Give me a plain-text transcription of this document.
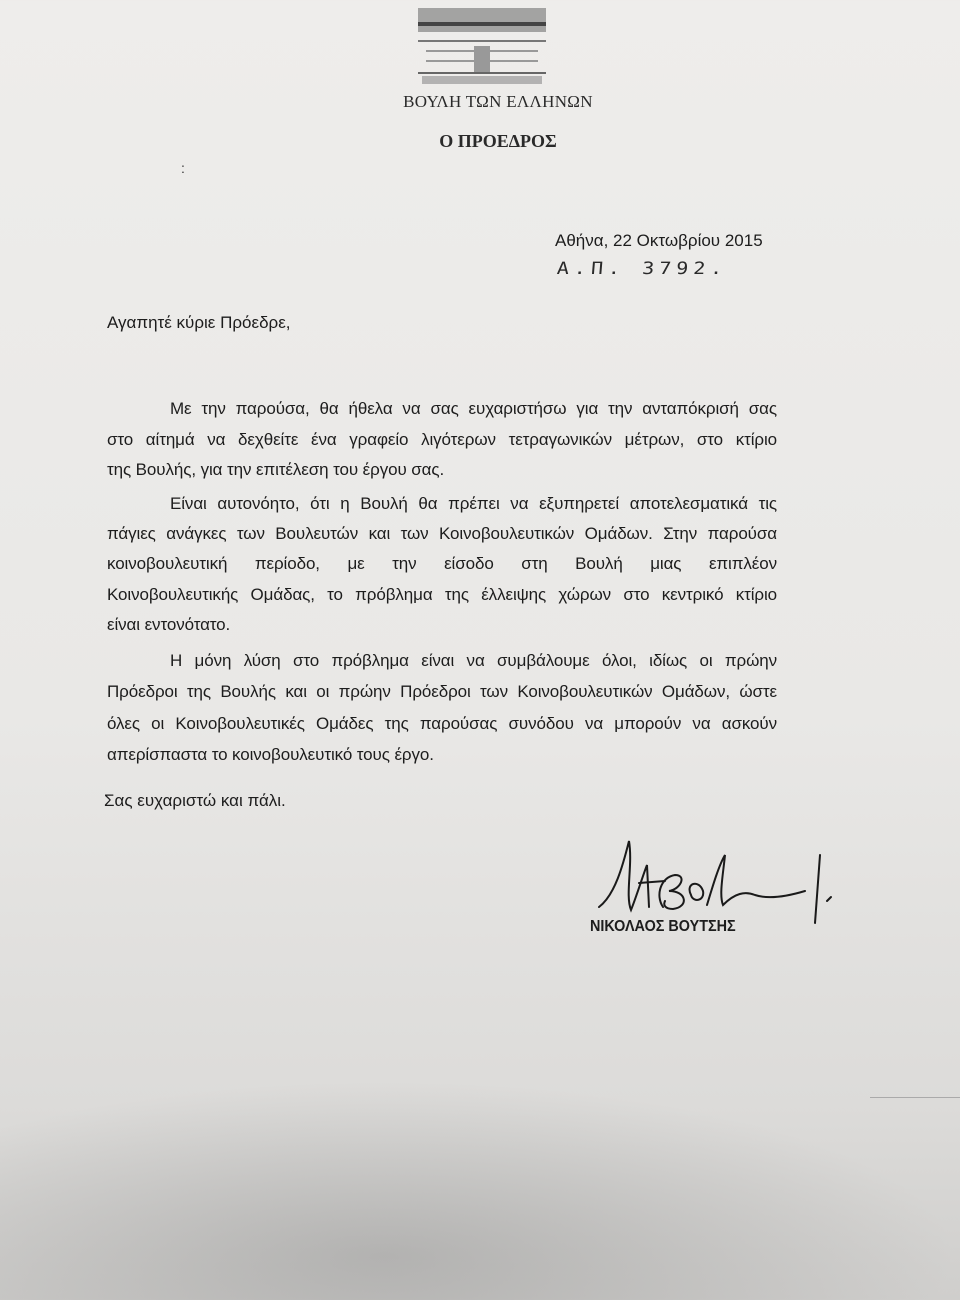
ΒΟΥΛΗ ΤΩΝ ΕΛΛΗΝΩΝ
Ο ΠΡΟΕΔΡΟΣ
:
Αθήνα, 22 Οκτωβρίου 2015
Α.Π. 3792.
Αγαπητέ κύριε Πρόεδρε,
Με την παρούσα, θα ήθελα να σας ευχαριστήσω για την ανταπόκρισή σας
στο αίτημά να δεχθείτε ένα γραφείο λιγότερων τετραγωνικών μέτρων, στο κτίριο
της Βουλής, για την επιτέλεση του έργου σας.
Είναι αυτονόητο, ότι η Βουλή θα πρέπει να εξυπηρετεί αποτελεσματικά τις
πάγιες ανάγκες των Βουλευτών και των Κοινοβουλευτικών Ομάδων. Στην παρούσα
κοινοβουλευτική περίοδο, με την είσοδο στη Βουλή μιας επιπλέον
Κοινοβουλευτικής Ομάδας, το πρόβλημα της έλλειψης χώρων στο κεντρικό κτίριο
είναι εντονότατο.
Η μόνη λύση στο πρόβλημα είναι να συμβάλουμε όλοι, ιδίως οι πρώην
Πρόεδροι της Βουλής και οι πρώην Πρόεδροι των Κοινοβουλευτικών Ομάδων, ώστε
όλες οι Κοινοβουλευτικές Ομάδες της παρούσας συνόδου να μπορούν να ασκούν
απερίσπαστα το κοινοβουλευτικό τους έργο.
Σας ευχαριστώ και πάλι.
ΝΙΚΟΛΑΟΣ ΒΟΥΤΣΗΣ
